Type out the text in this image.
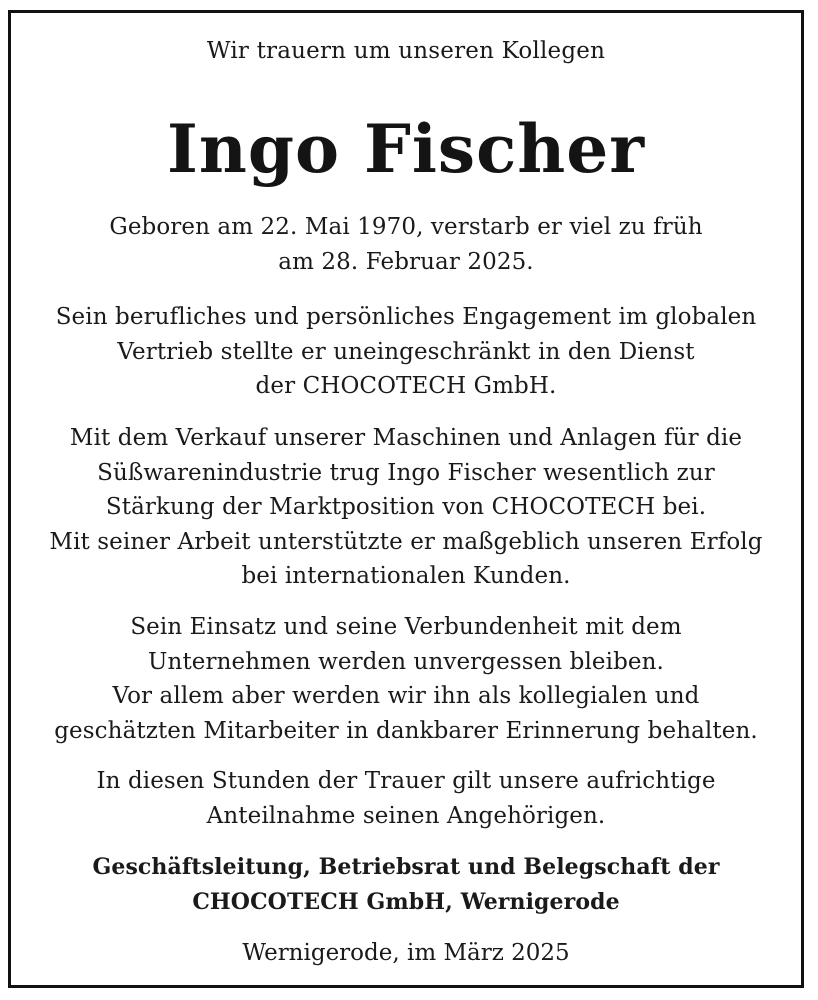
Wir trauern um unseren Kollegen
Ingo Fischer
Geboren am 22. Mai 1970, verstarb er viel zu früh
am 28. Februar 2025.
Sein berufliches und persönliches Engagement im globalen
Vertrieb stellte er uneingeschränkt in den Dienst
der CHOCOTECH GmbH.
Mit dem Verkauf unserer Maschinen und Anlagen für die
Süßwarenindustrie trug Ingo Fischer wesentlich zur
Stärkung der Marktposition von CHOCOTECH bei.
Mit seiner Arbeit unterstützte er maßgeblich unseren Erfolg
bei internationalen Kunden.
Sein Einsatz und seine Verbundenheit mit dem
Unternehmen werden unvergessen bleiben.
Vor allem aber werden wir ihn als kollegialen und
geschätzten Mitarbeiter in dankbarer Erinnerung behalten.
In diesen Stunden der Trauer gilt unsere aufrichtige
Anteilnahme seinen Angehörigen.
Geschäftsleitung, Betriebsrat und Belegschaft der
CHOCOTECH GmbH, Wernigerode
Wernigerode, im März 2025
